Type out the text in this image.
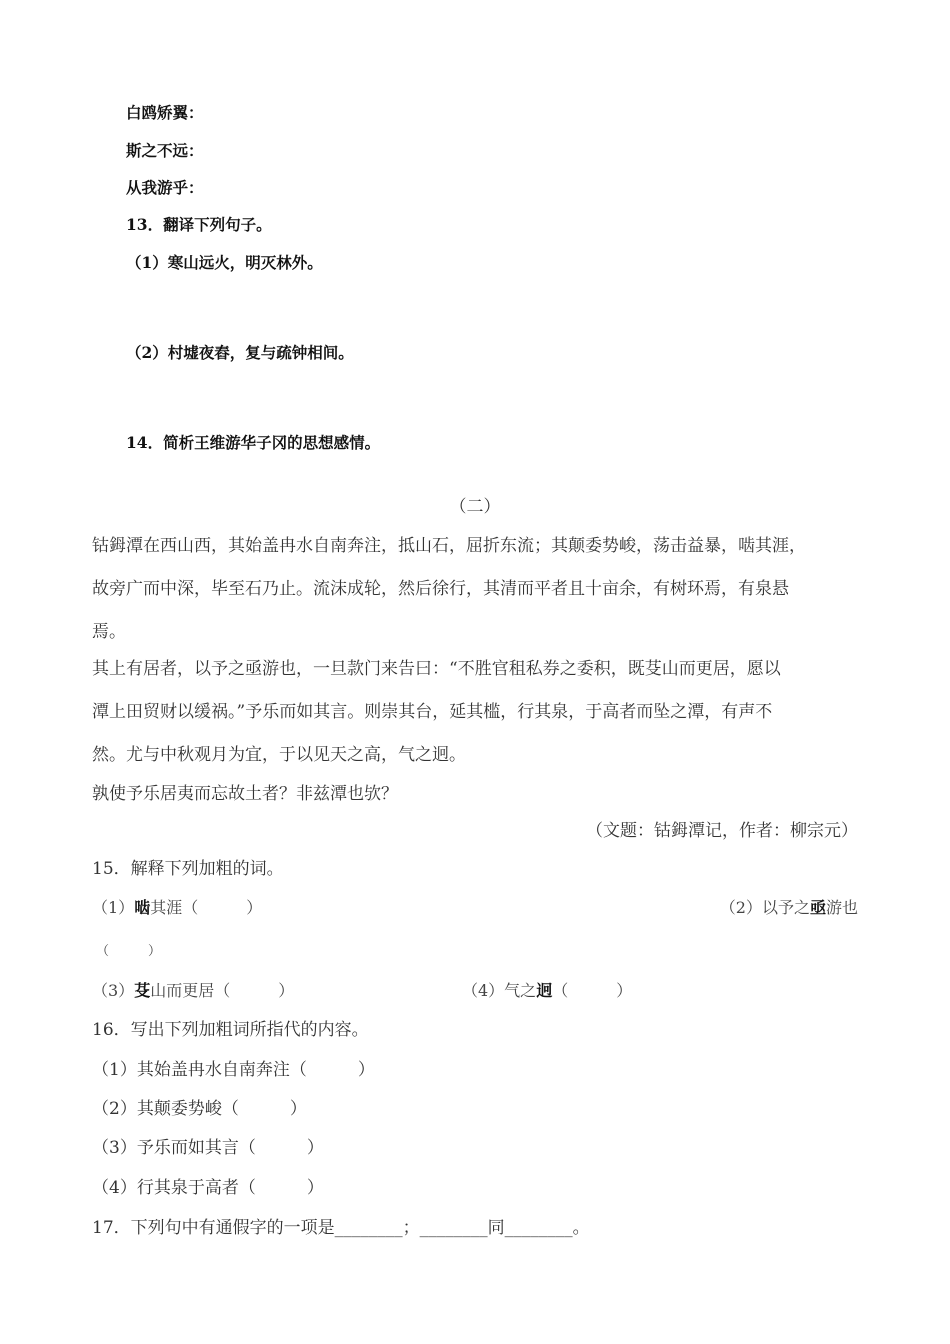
白鸥矫翼：
斯之不远：
从我游乎：
13．翻译下列句子。
（1）寒山远火，明灭林外。
（2）村墟夜舂，复与疏钟相间。
14．简析王维游华子冈的思想感情。
（二）
钴鉧潭在西山西，其始盖冉水自南奔注，抵山石，屈折东流；其颠委势峻，荡击益暴，啮其涯，
故旁广而中深，毕至石乃止。流沫成轮，然后徐行，其清而平者且十亩余，有树环焉，有泉悬
焉。
其上有居者，以予之亟游也，一旦款门来告曰：“不胜官租私券之委积，既芟山而更居，愿以
潭上田贸财以缓祸。”予乐而如其言。则崇其台，延其槛，行其泉，于高者而坠之潭，有声不
然。尤与中秋观月为宜，于以见天之高，气之迥。
孰使予乐居夷而忘故土者？非兹潭也欤？
（文题：钴鉧潭记，作者：柳宗元）
15．解释下列加粗的词。
（1）啮其涯（　　　）	（2）以予之亟游也
（　　　）
（3）芟山而更居（　　　）	（4）气之迥（　　　）
16．写出下列加粗词所指代的内容。
（1）其始盖冉水自南奔注（　　　）
（2）其颠委势峻（　　　）
（3）予乐而如其言（　　　）
（4）行其泉于高者（　　　）
17．下列句中有通假字的一项是________；________同________。
